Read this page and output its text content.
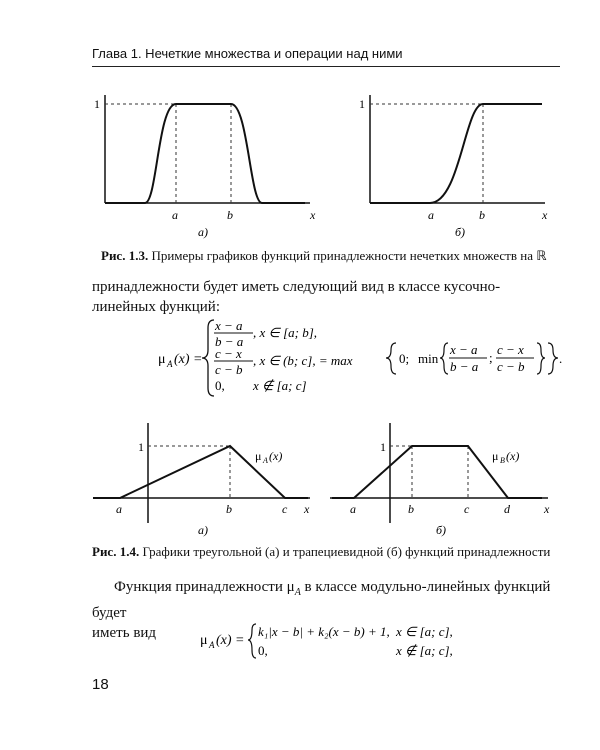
Глава 1. Нечеткие множества и операции над ними
1
a	b	x
а)
1
a	b	x
б)
Рис. 1.3. Примеры графиков функций принадлежности нечетких множеств на ℝ
принадлежности будет иметь следующий вид в классе кусочно-линейных функций:
μ A (x) =
x − a
b − a
, x ∈ [a; b],
c − x
c − b
, x ∈ (b; c], = max
0, x ∉ [a; c]
0; min
x − a
b − a
;
c − x
c − b
.
1
μ A (x)
a	b	c x
а)
1
μ B (x)
a	b	c	d	x
б)
Рис. 1.4. Графики треугольной (а) и трапециевидной (б) функций принадлежности
Функция принадлежности $\mu_A$ в классе модульно-линейных функций будет
иметь вид	μ A (x) =
k₁|x − b| + k₂(x − b) + 1, x ∈ [a; c],
0,	x ∉ [a; c],
18
